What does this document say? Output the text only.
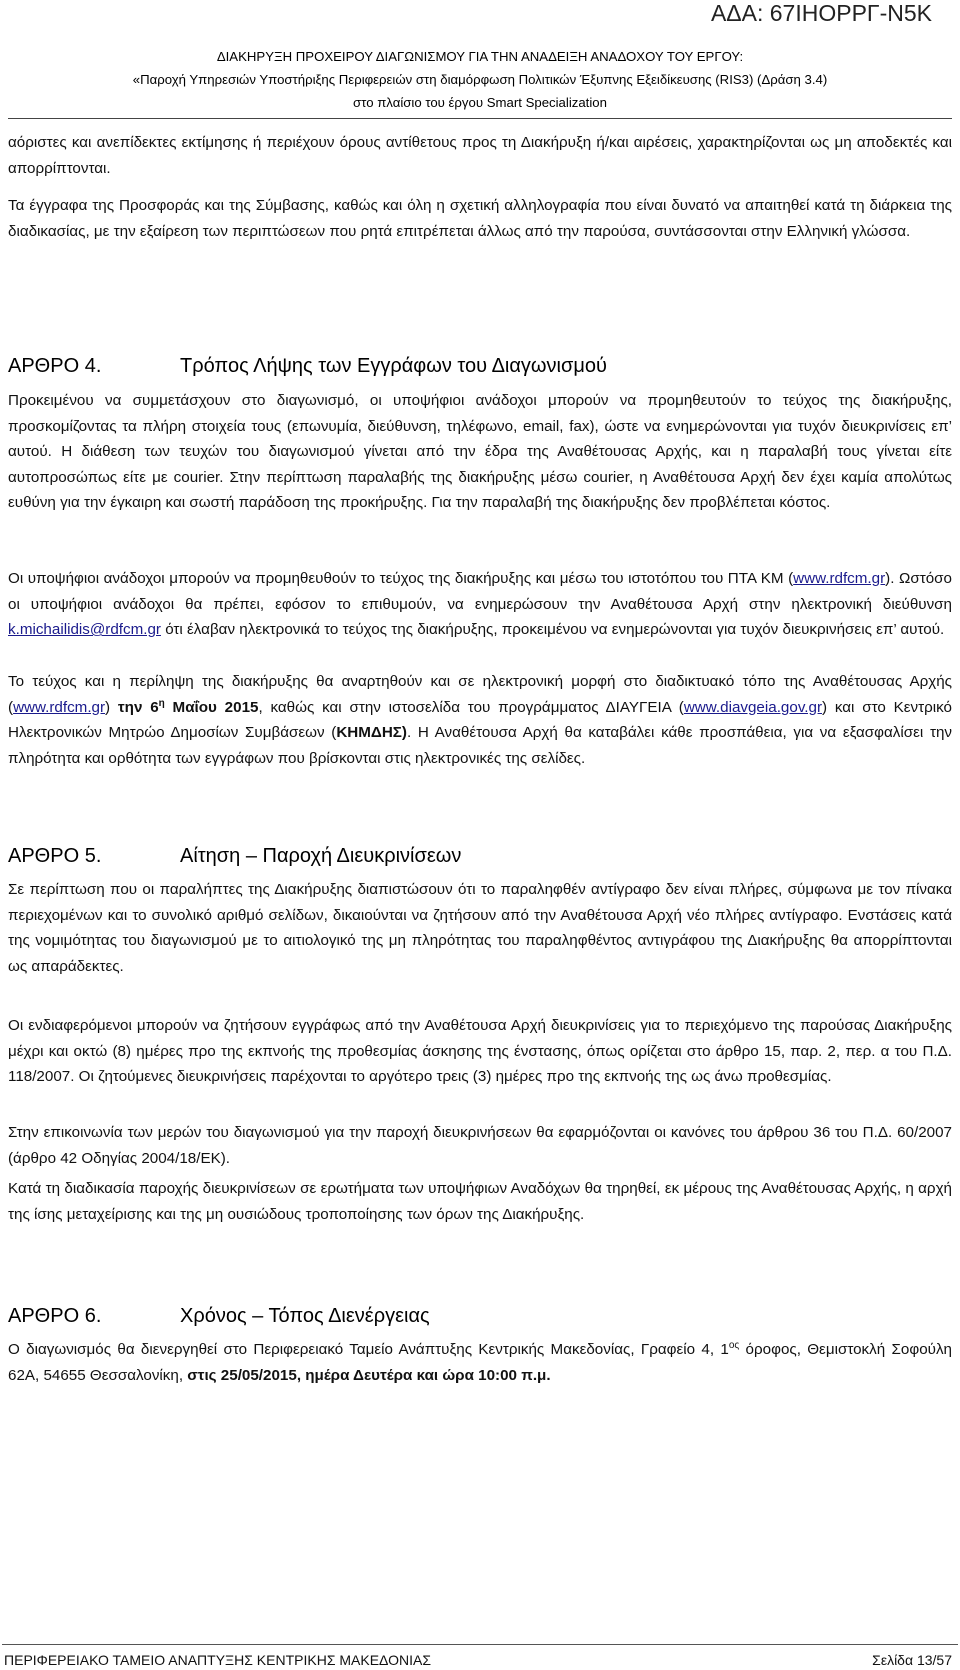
ΑΔΑ: 67ΙΗΟΡΡΓ-Ν5Κ
ΔΙΑΚΗΡΥΞΗ ΠΡΟΧΕΙΡΟΥ ΔΙΑΓΩΝΙΣΜΟΥ ΓΙΑ ΤΗΝ ΑΝΑΔΕΙΞΗ ΑΝΑΔΟΧΟΥ ΤΟΥ ΕΡΓΟΥ:
«Παροχή Υπηρεσιών Υποστήριξης Περιφερειών στη διαμόρφωση Πολιτικών Έξυπνης Εξειδίκευσης (RIS3) (Δράση 3.4)
στο πλαίσιο του έργου Smart Specialization

αόριστες και ανεπίδεκτες εκτίμησης ή περιέχουν όρους αντίθετους προς τη Διακήρυξη ή/και αιρέσεις, χαρακτηρίζονται ως μη αποδεκτές και απορρίπτονται.

Τα έγγραφα της Προσφοράς και της Σύμβασης, καθώς και όλη η σχετική αλληλογραφία που είναι δυνατό να απαιτηθεί κατά τη διάρκεια της διαδικασίας, με την εξαίρεση των περιπτώσεων που ρητά επιτρέπεται άλλως από την παρούσα, συντάσσονται στην Ελληνική γλώσσα.

ΑΡΘΡΟ 4.	Τρόπος Λήψης των Εγγράφων του Διαγωνισμού

Προκειμένου να συμμετάσχουν στο διαγωνισμό, οι υποψήφιοι ανάδοχοι μπορούν να προμηθευτούν το τεύχος της διακήρυξης, προσκομίζοντας τα πλήρη στοιχεία τους (επωνυμία, διεύθυνση, τηλέφωνο, email, fax), ώστε να ενημερώνονται για τυχόν διευκρινίσεις επ’ αυτού. Η διάθεση των τευχών του διαγωνισμού γίνεται από την έδρα της Αναθέτουσας Αρχής, και η παραλαβή τους γίνεται είτε αυτοπροσώπως είτε με courier. Στην περίπτωση παραλαβής της διακήρυξης μέσω courier, η Αναθέτουσα Αρχή δεν έχει καμία απολύτως ευθύνη για την έγκαιρη και σωστή παράδοση της προκήρυξης. Για την παραλαβή της διακήρυξης δεν προβλέπεται κόστος.

Οι υποψήφιοι ανάδοχοι μπορούν να προμηθευθούν το τεύχος της διακήρυξης και μέσω του ιστοτόπου του ΠΤΑ ΚΜ (www.rdfcm.gr). Ωστόσο οι υποψήφιοι ανάδοχοι θα πρέπει, εφόσον το επιθυμούν, να ενημερώσουν την Αναθέτουσα Αρχή στην ηλεκτρονική διεύθυνση k.michailidis@rdfcm.gr ότι έλαβαν ηλεκτρονικά το τεύχος της διακήρυξης, προκειμένου να ενημερώνονται για τυχόν διευκρινήσεις επ’ αυτού.

Το τεύχος και η περίληψη της διακήρυξης θα αναρτηθούν και σε ηλεκτρονική μορφή στο διαδικτυακό τόπο της Αναθέτουσας Αρχής (www.rdfcm.gr) την $6^\eta$ Μαΐου 2015, καθώς και στην ιστοσελίδα του προγράμματος ΔΙΑΥΓΕΙΑ (www.diavgeia.gov.gr) και στο Κεντρικό Ηλεκτρονικών Μητρώο Δημοσίων Συμβάσεων (ΚΗΜΔΗΣ). Η Αναθέτουσα Αρχή θα καταβάλει κάθε προσπάθεια, για να εξασφαλίσει την πληρότητα και ορθότητα των εγγράφων που βρίσκονται στις ηλεκτρονικές της σελίδες.

ΑΡΘΡΟ 5.	Αίτηση – Παροχή Διευκρινίσεων

Σε περίπτωση που οι παραλήπτες της Διακήρυξης διαπιστώσουν ότι το παραληφθέν αντίγραφο δεν είναι πλήρες, σύμφωνα με τον πίνακα περιεχομένων και το συνολικό αριθμό σελίδων, δικαιούνται να ζητήσουν από την Αναθέτουσα Αρχή νέο πλήρες αντίγραφο. Ενστάσεις κατά της νομιμότητας του διαγωνισμού με το αιτιολογικό της μη πληρότητας του παραληφθέντος αντιγράφου της Διακήρυξης θα απορρίπτονται ως απαράδεκτες.

Οι ενδιαφερόμενοι μπορούν να ζητήσουν εγγράφως από την Αναθέτουσα Αρχή διευκρινίσεις για το περιεχόμενο της παρούσας Διακήρυξης μέχρι και οκτώ (8) ημέρες προ της εκπνοής της προθεσμίας άσκησης της ένστασης, όπως ορίζεται στο άρθρο 15, παρ. 2, περ. α του Π.Δ. 118/2007. Οι ζητούμενες διευκρινήσεις παρέχονται το αργότερο τρεις (3) ημέρες προ της εκπνοής της ως άνω προθεσμίας.

Στην επικοινωνία των μερών του διαγωνισμού για την παροχή διευκρινήσεων θα εφαρμόζονται οι κανόνες του άρθρου 36 του Π.Δ. 60/2007 (άρθρο 42 Οδηγίας 2004/18/ΕΚ).

Κατά τη διαδικασία παροχής διευκρινίσεων σε ερωτήματα των υποψήφιων Αναδόχων θα τηρηθεί, εκ μέρους της Αναθέτουσας Αρχής, η αρχή της ίσης μεταχείρισης και της μη ουσιώδους τροποποίησης των όρων της Διακήρυξης.

ΑΡΘΡΟ 6.	Χρόνος – Τόπος Διενέργειας

Ο διαγωνισμός θα διενεργηθεί στο Περιφερειακό Ταμείο Ανάπτυξης Κεντρικής Μακεδονίας, Γραφείο 4, $1^{o\varsigma}$ όροφος, Θεμιστοκλή Σοφούλη 62Α, 54655 Θεσσαλονίκη, στις 25/05/2015, ημέρα Δευτέρα και ώρα 10:00 π.μ.

ΠΕΡΙΦΕΡΕΙΑΚΟ ΤΑΜΕΙΟ ΑΝΑΠΤΥΞΗΣ ΚΕΝΤΡΙΚΗΣ ΜΑΚΕΔΟΝΙΑΣ	Σελίδα 13/57
